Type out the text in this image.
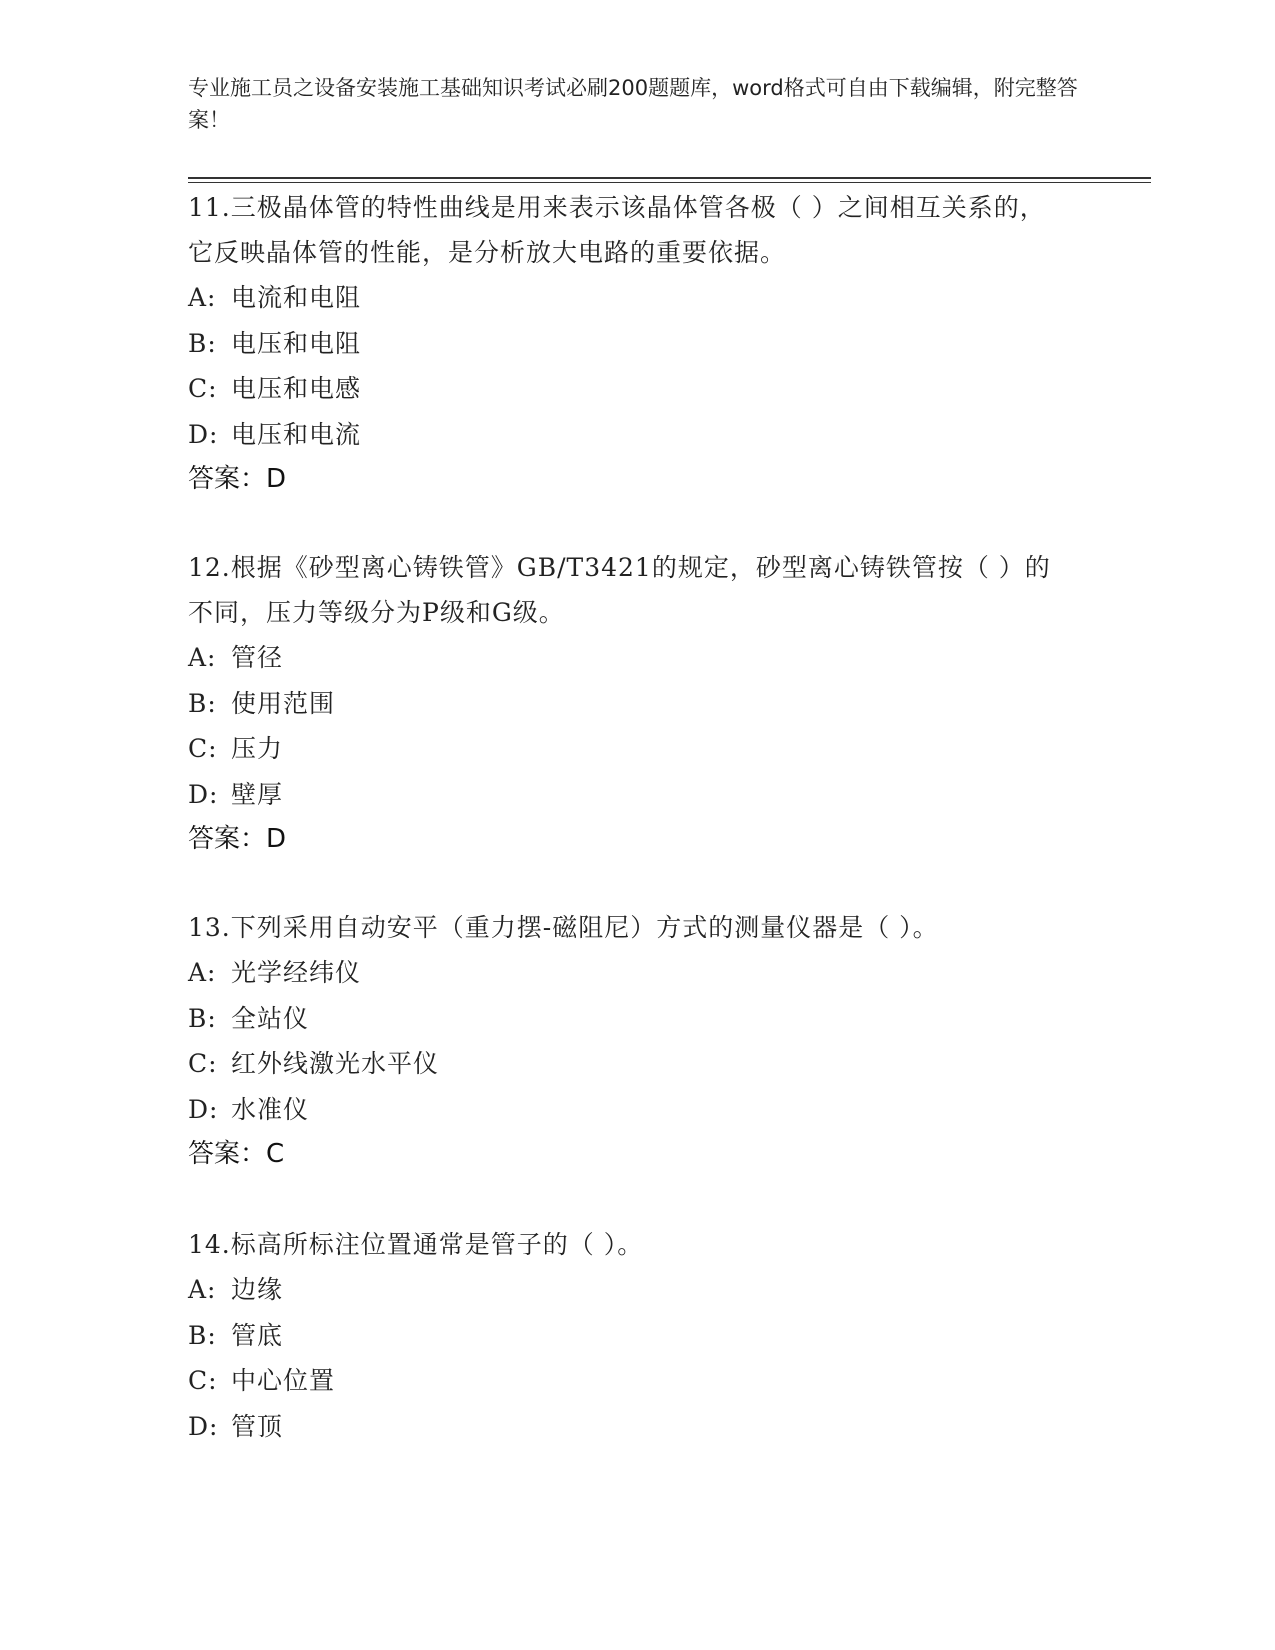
专业施工员之设备安装施工基础知识考试必刷200题题库，word格式可自由下载编辑，附完整答案！
11.三极晶体管的特性曲线是用来表示该晶体管各极（ ）之间相互关系的，它反映晶体管的性能，是分析放大电路的重要依据。
A: 电流和电阻
B: 电压和电阻
C: 电压和电感
D: 电压和电流
答案：D
12.根据《砂型离心铸铁管》GB/T3421的规定，砂型离心铸铁管按（ ）的不同，压力等级分为P级和G级。
A: 管径
B: 使用范围
C: 压力
D: 壁厚
答案：D
13.下列采用自动安平（重力摆-磁阻尼）方式的测量仪器是（ ）。
A: 光学经纬仪
B: 全站仪
C: 红外线激光水平仪
D: 水准仪
答案：C
14.标高所标注位置通常是管子的（ ）。
A: 边缘
B: 管底
C: 中心位置
D: 管顶
